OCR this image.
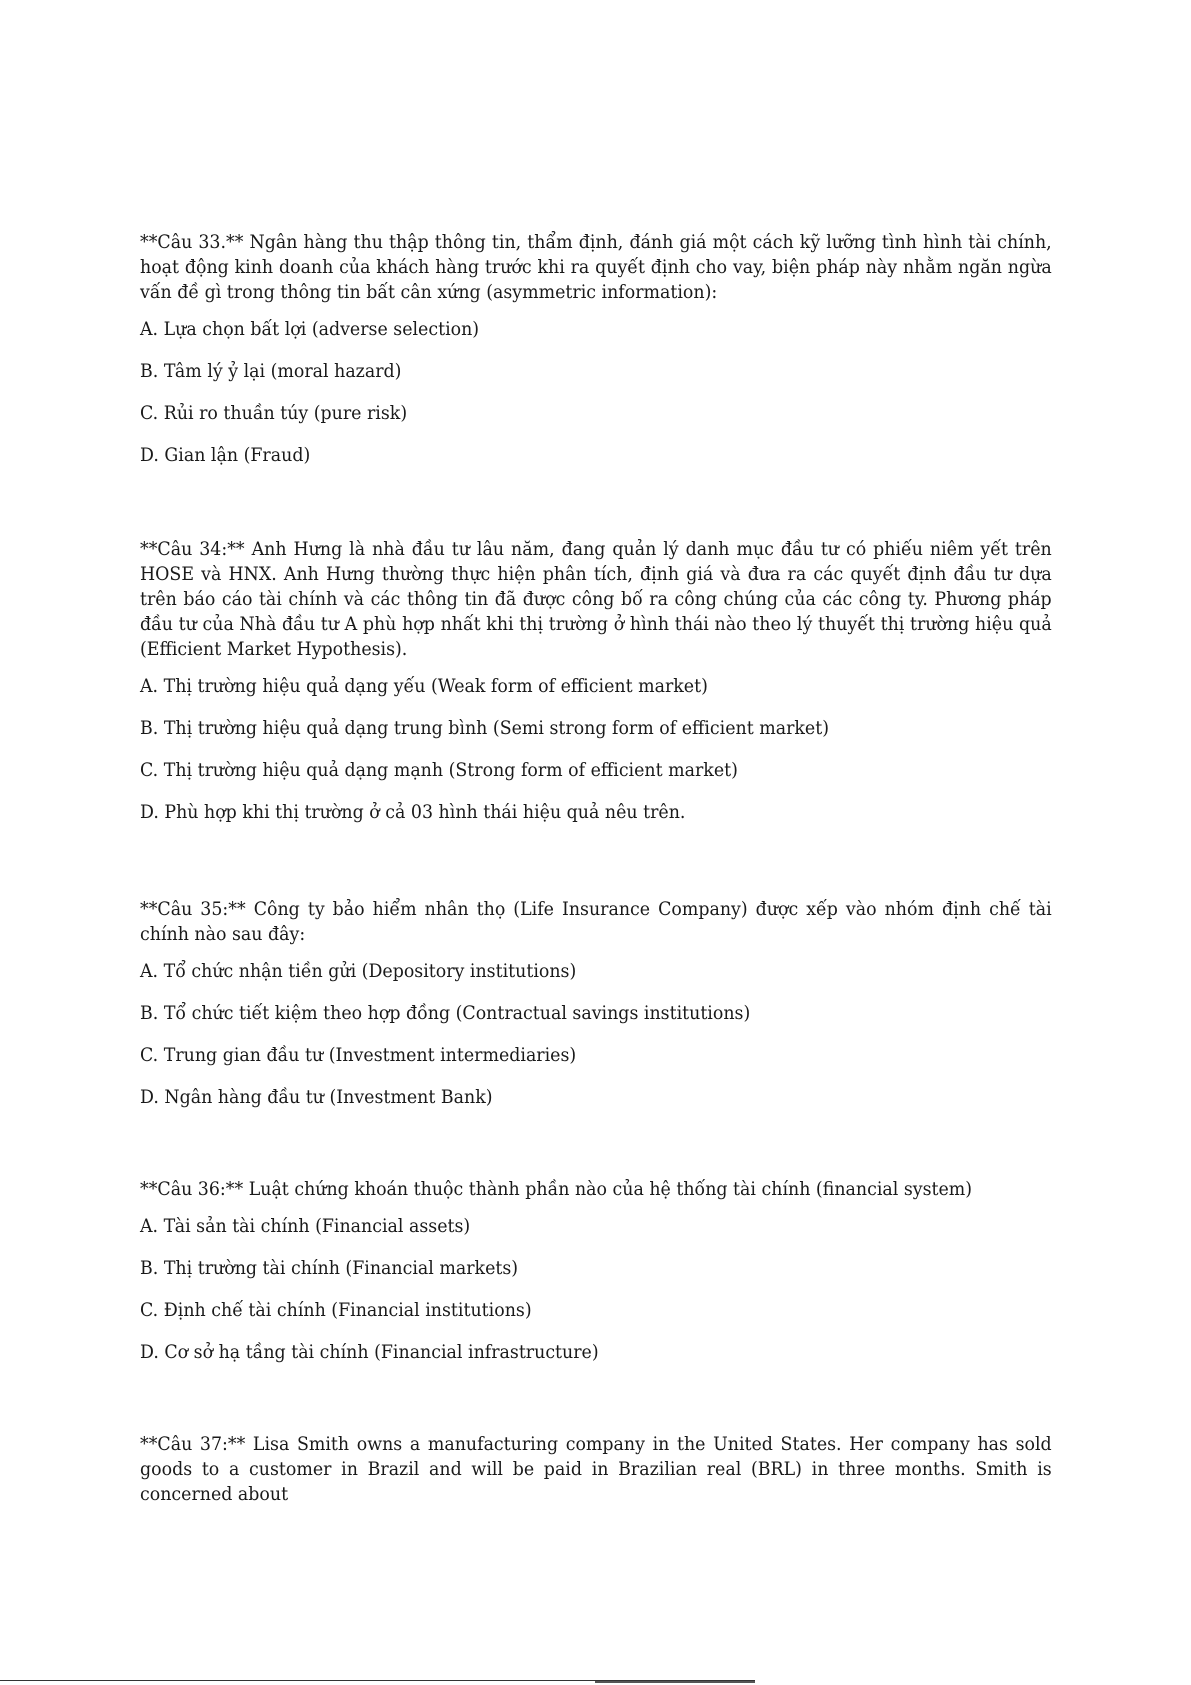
**Câu 33.** Ngân hàng thu thập thông tin, thẩm định, đánh giá một cách kỹ lưỡng tình hình tài chính, hoạt động kinh doanh của khách hàng trước khi ra quyết định cho vay, biện pháp này nhằm ngăn ngừa vấn đề gì trong thông tin bất cân xứng (asymmetric information):

A. Lựa chọn bất lợi (adverse selection)

B. Tâm lý ỷ lại (moral hazard)

C. Rủi ro thuần túy (pure risk)

D. Gian lận (Fraud)

**Câu 34:** Anh Hưng là nhà đầu tư lâu năm, đang quản lý danh mục đầu tư có phiếu niêm yết trên HOSE và HNX. Anh Hưng thường thực hiện phân tích, định giá và đưa ra các quyết định đầu tư dựa trên báo cáo tài chính và các thông tin đã được công bố ra công chúng của các công ty. Phương pháp đầu tư của Nhà đầu tư A phù hợp nhất khi thị trường ở hình thái nào theo lý thuyết thị trường hiệu quả (Efficient Market Hypothesis).

A. Thị trường hiệu quả dạng yếu (Weak form of efficient market)

B. Thị trường hiệu quả dạng trung bình (Semi strong form of efficient market)

C. Thị trường hiệu quả dạng mạnh (Strong form of efficient market)

D. Phù hợp khi thị trường ở cả 03 hình thái hiệu quả nêu trên.

**Câu 35:** Công ty bảo hiểm nhân thọ (Life Insurance Company) được xếp vào nhóm định chế tài chính nào sau đây:

A. Tổ chức nhận tiền gửi (Depository institutions)

B. Tổ chức tiết kiệm theo hợp đồng (Contractual savings institutions)

C. Trung gian đầu tư (Investment intermediaries)

D. Ngân hàng đầu tư (Investment Bank)

**Câu 36:** Luật chứng khoán thuộc thành phần nào của hệ thống tài chính (financial system)

A. Tài sản tài chính (Financial assets)

B. Thị trường tài chính (Financial markets)

C. Định chế tài chính (Financial institutions)

D. Cơ sở hạ tầng tài chính (Financial infrastructure)

**Câu 37:** Lisa Smith owns a manufacturing company in the United States. Her company has sold goods to a customer in Brazil and will be paid in Brazilian real (BRL) in three months. Smith is concerned about
